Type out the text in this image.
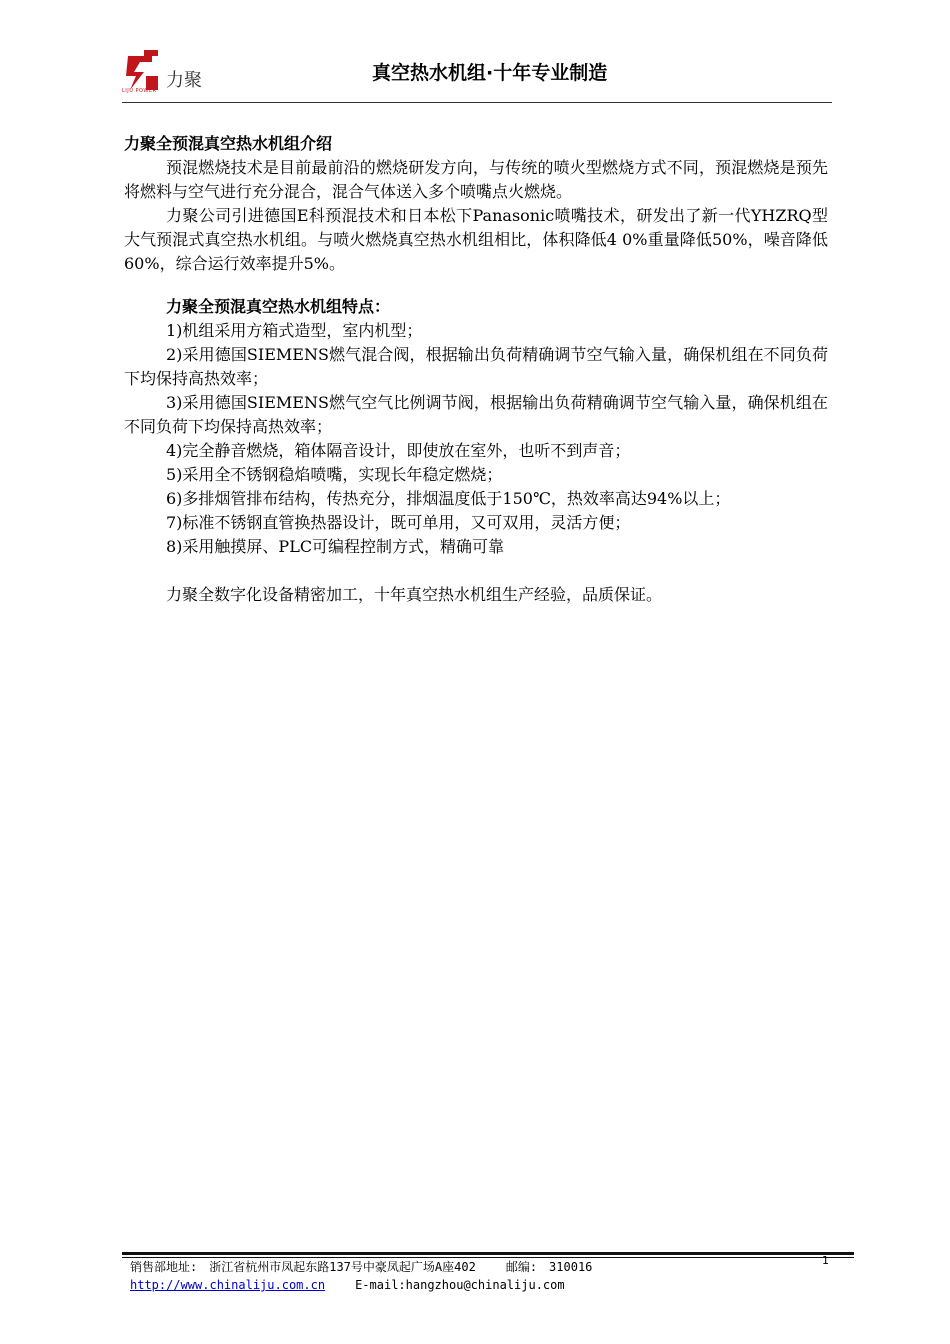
力聚
LIJU POWER
真空热水机组·十年专业制造

力聚全预混真空热水机组介绍

预混燃烧技术是目前最前沿的燃烧研发方向，与传统的喷火型燃烧方式不同，预混燃烧是预先将燃料与空气进行充分混合，混合气体送入多个喷嘴点火燃烧。

力聚公司引进德国E科预混技术和日本松下Panasonic喷嘴技术，研发出了新一代YHZRQ型大气预混式真空热水机组。与喷火燃烧真空热水机组相比，体积降低4 0%重量降低50%，噪音降低60%，综合运行效率提升5%。

力聚全预混真空热水机组特点：

1)机组采用方箱式造型，室内机型；

2)采用德国SIEMENS燃气混合阀，根据输出负荷精确调节空气输入量，确保机组在不同负荷下均保持高热效率；

3)采用德国SIEMENS燃气空气比例调节阀，根据输出负荷精确调节空气输入量，确保机组在不同负荷下均保持高热效率；

4)完全静音燃烧，箱体隔音设计，即使放在室外，也听不到声音；

5)采用全不锈钢稳焰喷嘴，实现长年稳定燃烧；

6)多排烟管排布结构，传热充分，排烟温度低于150℃，热效率高达94%以上；

7)标准不锈钢直管换热器设计，既可单用，又可双用，灵活方便；

8)采用触摸屏、PLC可编程控制方式，精确可靠

力聚全数字化设备精密加工，十年真空热水机组生产经验，品质保证。

1
销售部地址: 浙江省杭州市凤起东路137号中豪凤起广场A座402	邮编: 310016
http://www.chinaliju.com.cn	E-mail:hangzhou@chinaliju.com
